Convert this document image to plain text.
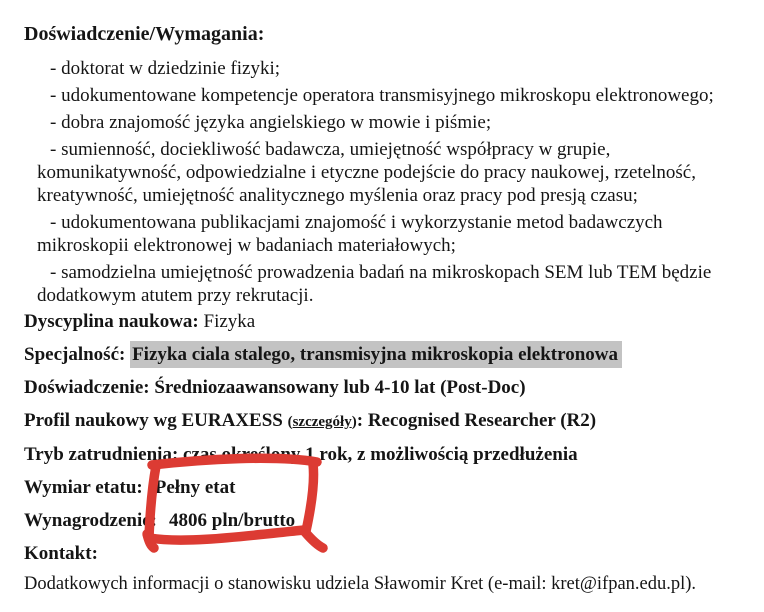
Doświadczenie/Wymagania:

- doktorat w dziedzinie fizyki;

- udokumentowane kompetencje operatora transmisyjnego mikroskopu elektronowego;

- dobra znajomość języka angielskiego w mowie i piśmie;

- sumienność, dociekliwość badawcza, umiejętność współpracy w grupie,
komunikatywność, odpowiedzialne i etyczne podejście do pracy naukowej, rzetelność,
kreatywność, umiejętność analitycznego myślenia oraz pracy pod presją czasu;

- udokumentowana publikacjami znajomość i wykorzystanie metod badawczych
mikroskopii elektronowej w badaniach materiałowych;

- samodzielna umiejętność prowadzenia badań na mikroskopach SEM lub TEM będzie
dodatkowym atutem przy rekrutacji.

Dyscyplina naukowa: Fizyka

Specjalność: Fizyka ciala stalego, transmisyjna mikroskopia elektronowa

Doświadczenie: Średniozaawansowany lub 4-10 lat (Post-Doc)

Profil naukowy wg EURAXESS (szczegóły): Recognised Researcher (R2)

Tryb zatrudnienia: czas określony 1 rok, z możliwością przedłużenia

Wymiar etatu: Pełny etat

Wynagrodzenie: 4806 pln/brutto

Kontakt:

Dodatkowych informacji o stanowisku udziela Sławomir Kret (e-mail: kret@ifpan.edu.pl).
